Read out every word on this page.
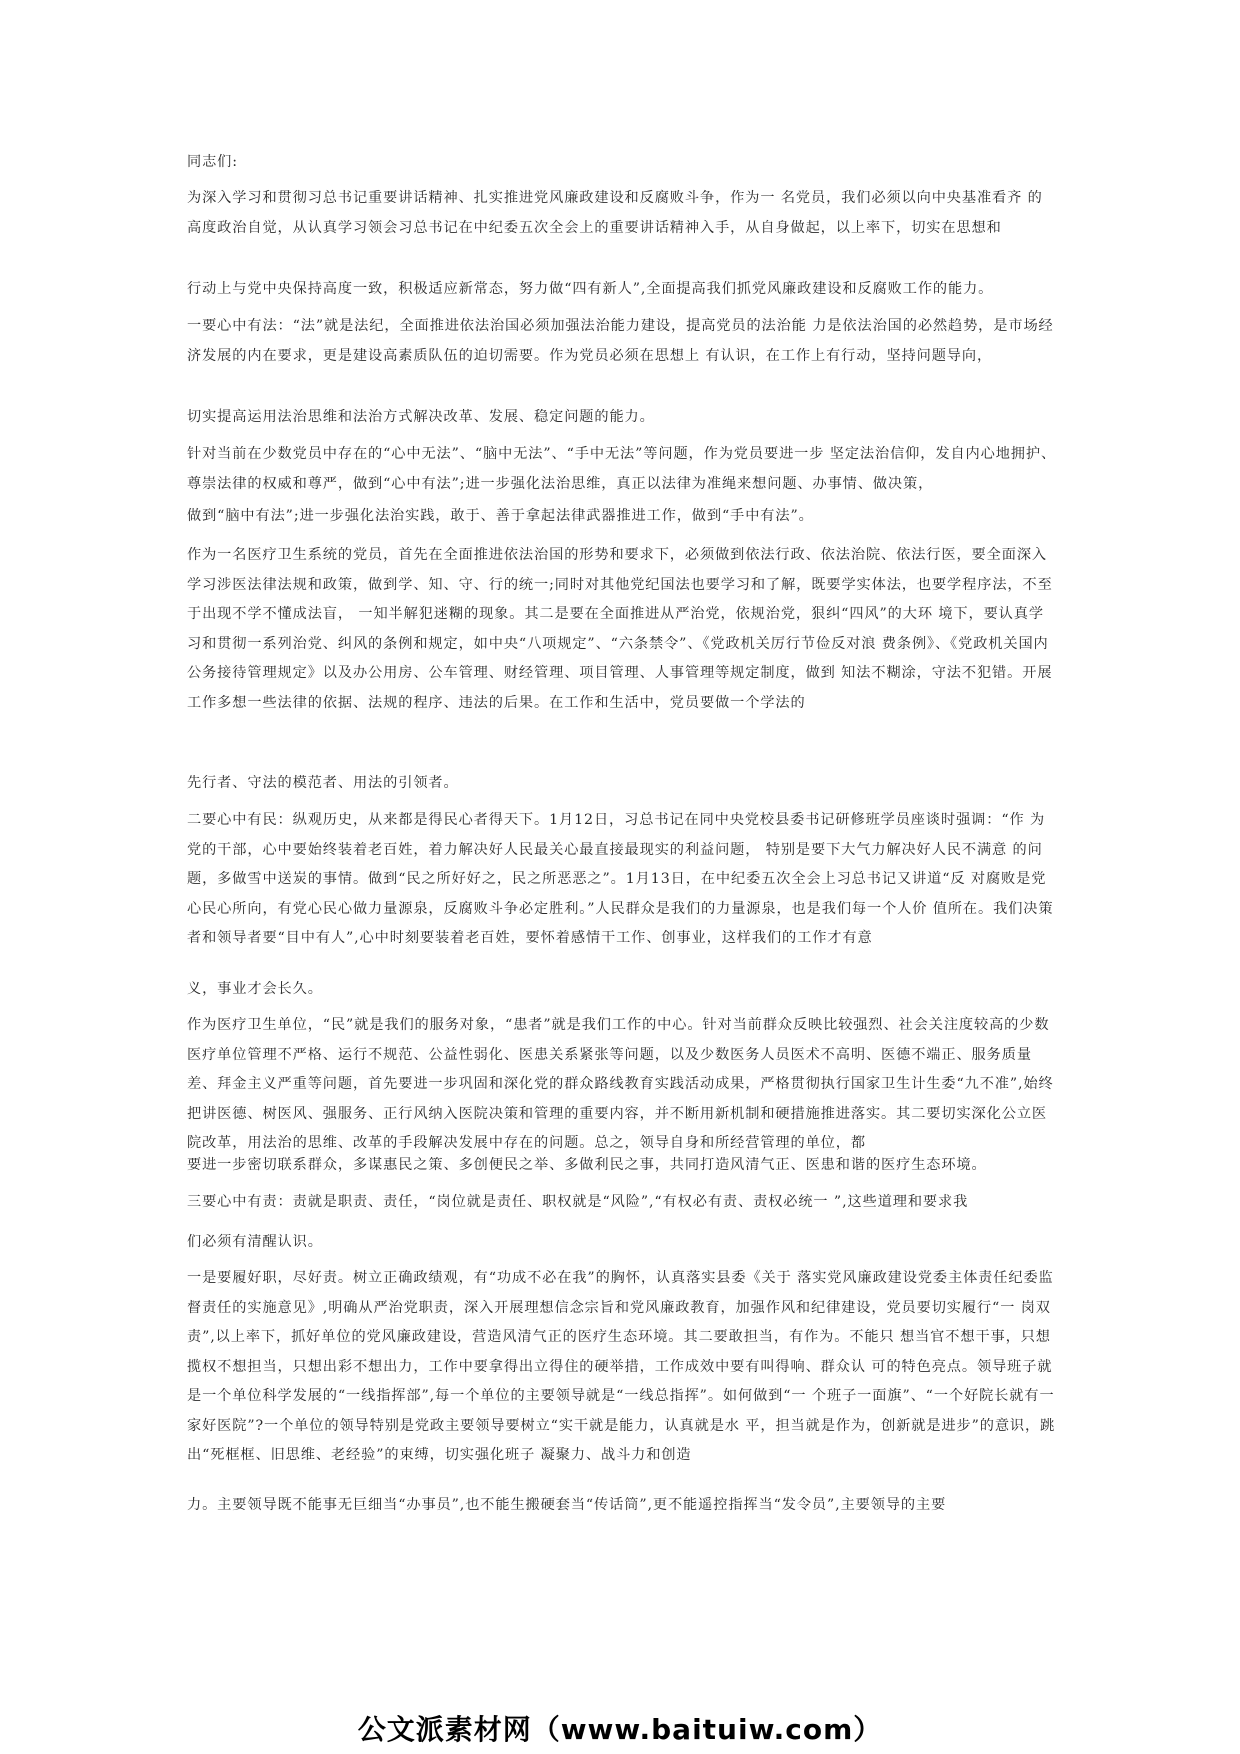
同志们:

为深入学习和贯彻习总书记重要讲话精神、扎实推进党风廉政建设和反腐败斗争，作为一 名党员，我们必须以向中央基准看齐 的高度政治自觉，从认真学习领会习总书记在中纪委五次全会上的重要讲话精神入手，从自身做起，以上率下，切实在思想和

行动上与党中央保持高度一致，积极适应新常态，努力做“四有新人”,全面提高我们抓党风廉政建设和反腐败工作的能力。

一要心中有法：“法”就是法纪，全面推进依法治国必须加强法治能力建设，提高党员的法治能 力是依法治国的必然趋势，是市场经济发展的内在要求，更是建设高素质队伍的迫切需要。作为党员必须在思想上 有认识，在工作上有行动，坚持问题导向，

切实提高运用法治思维和法治方式解决改革、发展、稳定问题的能力。

针对当前在少数党员中存在的“心中无法”、“脑中无法”、“手中无法”等问题，作为党员要进一步 坚定法治信仰，发自内心地拥护、尊崇法律的权威和尊严，做到“心中有法”;进一步强化法治思维，真正以法律为准绳来想问题、办事情、做决策，

做到“脑中有法”;进一步强化法治实践，敢于、善于拿起法律武器推进工作，做到“手中有法”。

作为一名医疗卫生系统的党员，首先在全面推进依法治国的形势和要求下，必须做到依法行政、依法治院、依法行医，要全面深入学习涉医法律法规和政策，做到学、知、守、行的统一;同时对其他党纪国法也要学习和了解，既要学实体法，也要学程序法，不至于出现不学不懂成法盲， 一知半解犯迷糊的现象。其二是要在全面推进从严治党，依规治党，狠纠“四风”的大环 境下，要认真学习和贯彻一系列治党、纠风的条例和规定，如中央“八项规定”、“六条禁令”、《党政机关厉行节俭反对浪 费条例》、《党政机关国内公务接待管理规定》以及办公用房、公车管理、财经管理、项目管理、人事管理等规定制度，做到 知法不糊涂，守法不犯错。开展工作多想一些法律的依据、法规的程序、违法的后果。在工作和生活中，党员要做一个学法的

先行者、守法的模范者、用法的引领者。

二要心中有民：纵观历史，从来都是得民心者得天下。1月12日，习总书记在同中央党校县委书记研修班学员座谈时强调：“作 为党的干部，心中要始终装着老百姓，着力解决好人民最关心最直接最现实的利益问题， 特别是要下大气力解决好人民不满意 的问题，多做雪中送炭的事情。做到“民之所好好之，民之所恶恶之”。1月13日，在中纪委五次全会上习总书记又讲道“反 对腐败是党心民心所向，有党心民心做力量源泉，反腐败斗争必定胜利。”人民群众是我们的力量源泉，也是我们每一个人价 值所在。我们决策者和领导者要“目中有人”,心中时刻要装着老百姓，要怀着感情干工作、创事业，这样我们的工作才有意

义，事业才会长久。

作为医疗卫生单位，“民”就是我们的服务对象，“患者”就是我们工作的中心。针对当前群众反映比较强烈、社会关注度较高的少数医疗单位管理不严格、运行不规范、公益性弱化、医患关系紧张等问题，以及少数医务人员医术不高明、医德不端正、服务质量差、拜金主义严重等问题，首先要进一步巩固和深化党的群众路线教育实践活动成果，严格贯彻执行国家卫生计生委“九不准”,始终把讲医德、树医风、强服务、正行风纳入医院决策和管理的重要内容，并不断用新机制和硬措施推进落实。其二要切实深化公立医院改革，用法治的思维、改革的手段解决发展中存在的问题。总之，领导自身和所经营管理的单位，都

要进一步密切联系群众，多谋惠民之策、多创便民之举、多做利民之事，共同打造风清气正、医患和谐的医疗生态环境。

三要心中有责：责就是职责、责任，“岗位就是责任、职权就是“风险”,“有权必有责、责权必统一 ”,这些道理和要求我

们必须有清醒认识。

一是要履好职，尽好责。树立正确政绩观，有“功成不必在我”的胸怀，认真落实县委《关于 落实党风廉政建设党委主体责任纪委监督责任的实施意见》,明确从严治党职责，深入开展理想信念宗旨和党风廉政教育，加强作风和纪律建设，党员要切实履行“一 岗双责”,以上率下，抓好单位的党风廉政建设，营造风清气正的医疗生态环境。其二要敢担当，有作为。不能只 想当官不想干事，只想揽权不想担当，只想出彩不想出力，工作中要拿得出立得住的硬举措，工作成效中要有叫得响、群众认 可的特色亮点。领导班子就是一个单位科学发展的“一线指挥部”,每一个单位的主要领导就是“一线总指挥”。如何做到“一 个班子一面旗”、“一个好院长就有一家好医院”?一个单位的领导特别是党政主要领导要树立“实干就是能力，认真就是水 平，担当就是作为，创新就是进步”的意识，跳出“死框框、旧思维、老经验”的束缚，切实强化班子 凝聚力、战斗力和创造

力。主要领导既不能事无巨细当“办事员”,也不能生搬硬套当“传话筒”,更不能遥控指挥当“发令员”,主要领导的主要

公文派素材网（www.baituiw.com）
